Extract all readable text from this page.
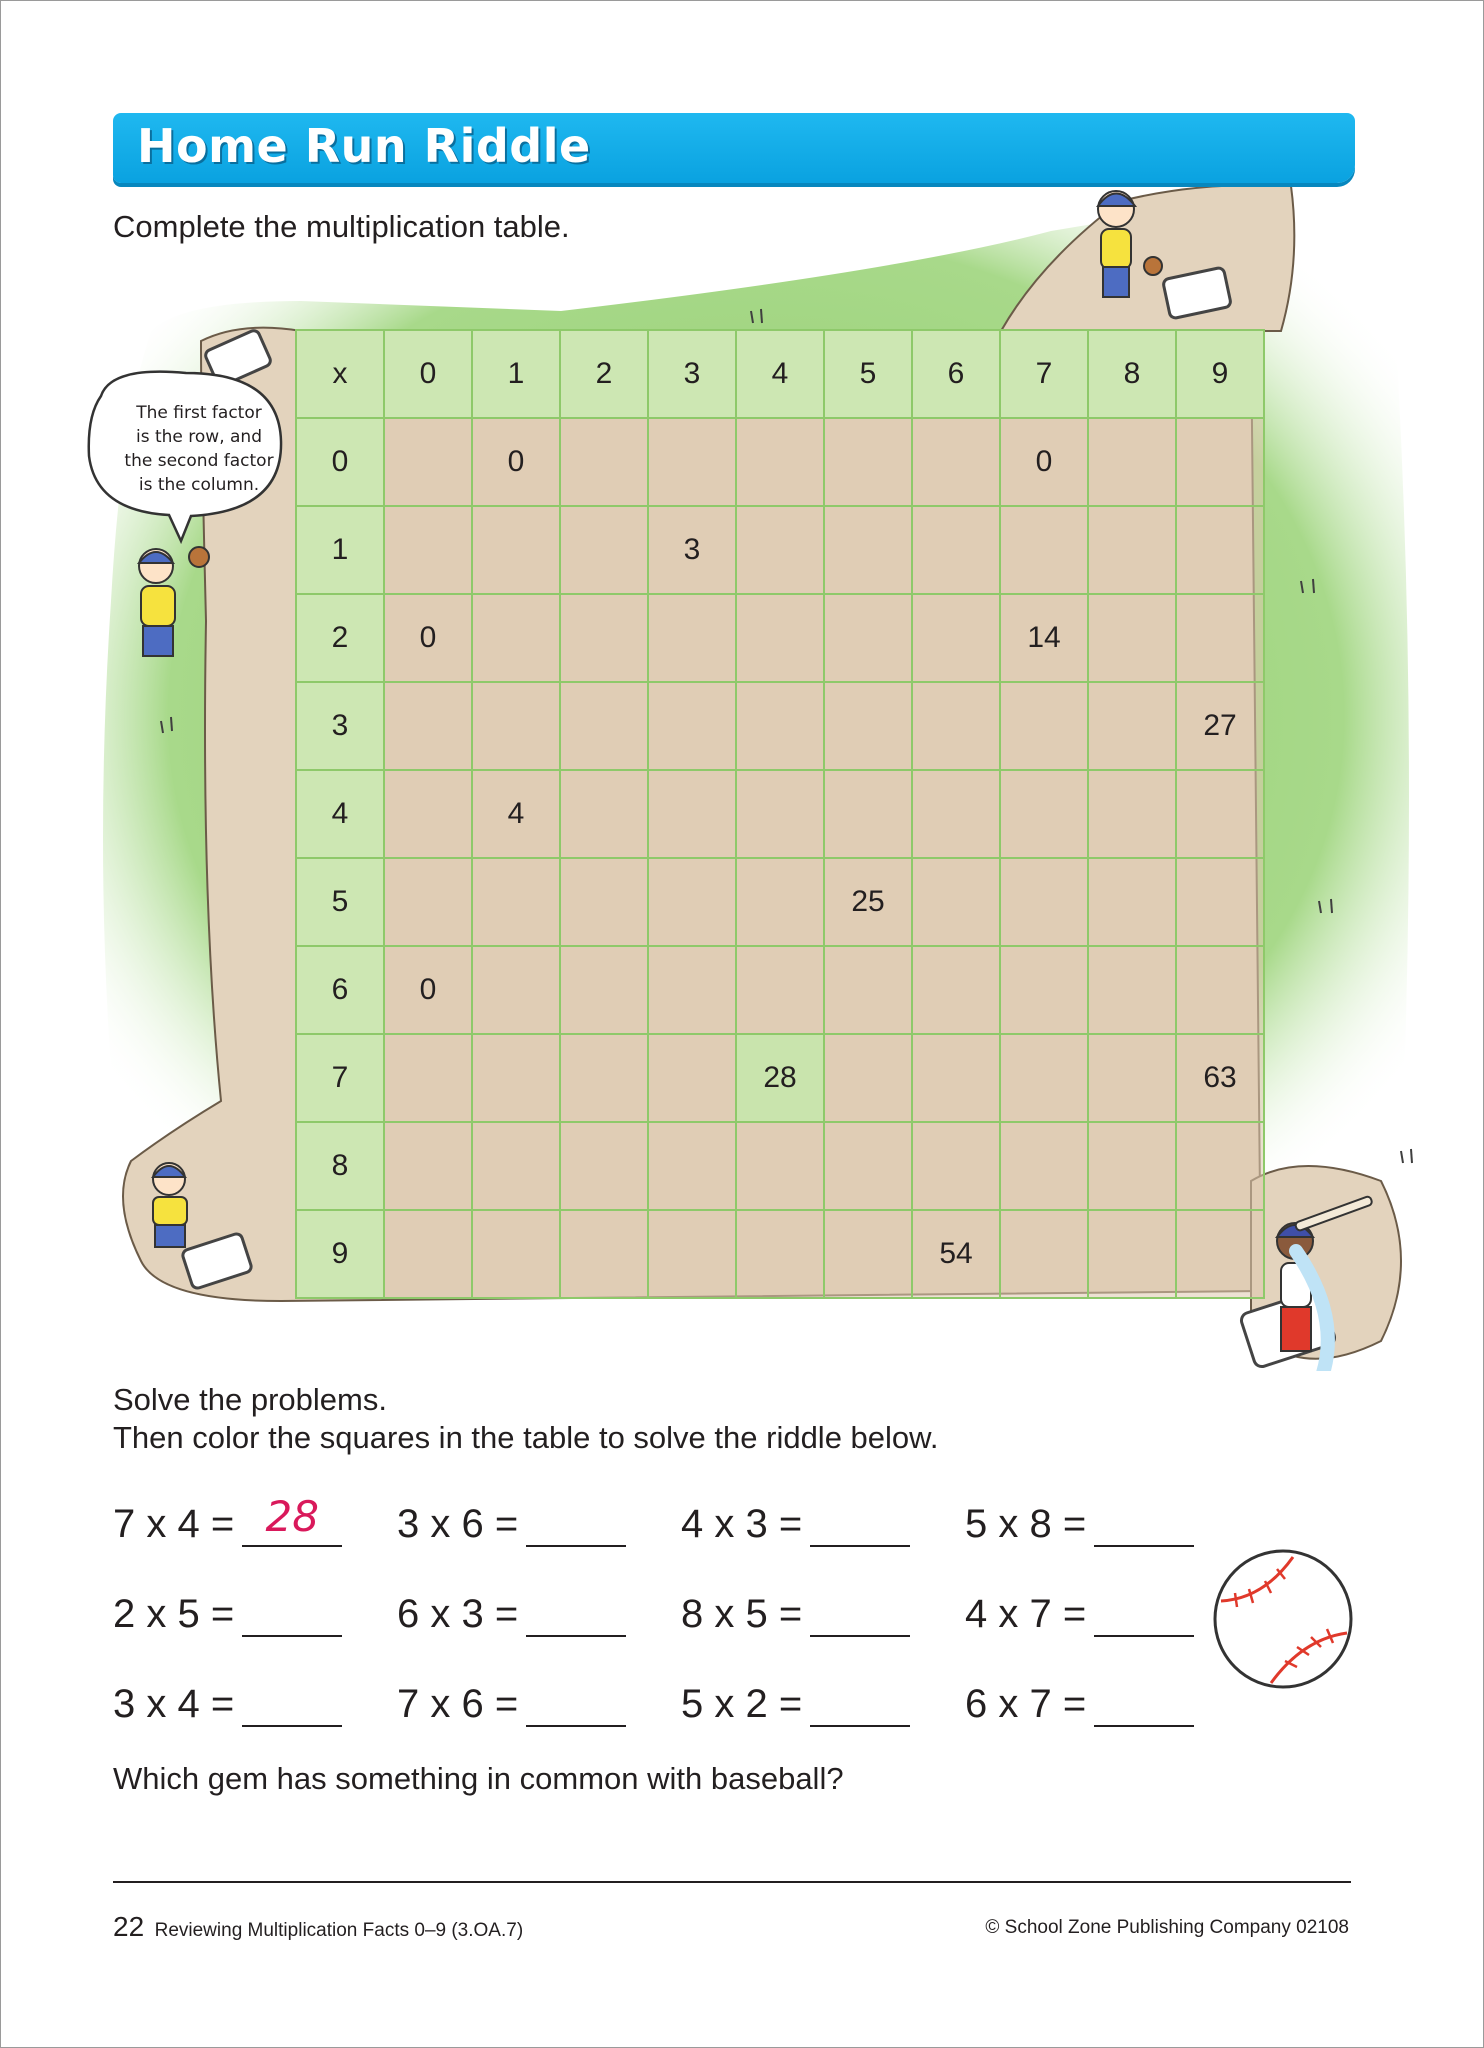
Home Run Riddle
Complete the multiplication table.
The first factor
is the row, and
the second factor
is the column.
x	0	1	2	3	4	5	6	7	8	9
0		0						0		
1				3						
2	0							14		
3										27
4		4								
5						25				
6	0									
7					28					63
8										
9							54			
Solve the problems.
Then color the squares in the table to solve the riddle below.
7 x 4 = 28	3 x 6 =	4 x 3 =	5 x 8 =
2 x 5 =	6 x 3 =	8 x 5 =	4 x 7 =
3 x 4 =	7 x 6 =	5 x 2 =	6 x 7 =
Which gem has something in common with baseball?
22 Reviewing Multiplication Facts 0–9 (3.OA.7)	© School Zone Publishing Company 02108
